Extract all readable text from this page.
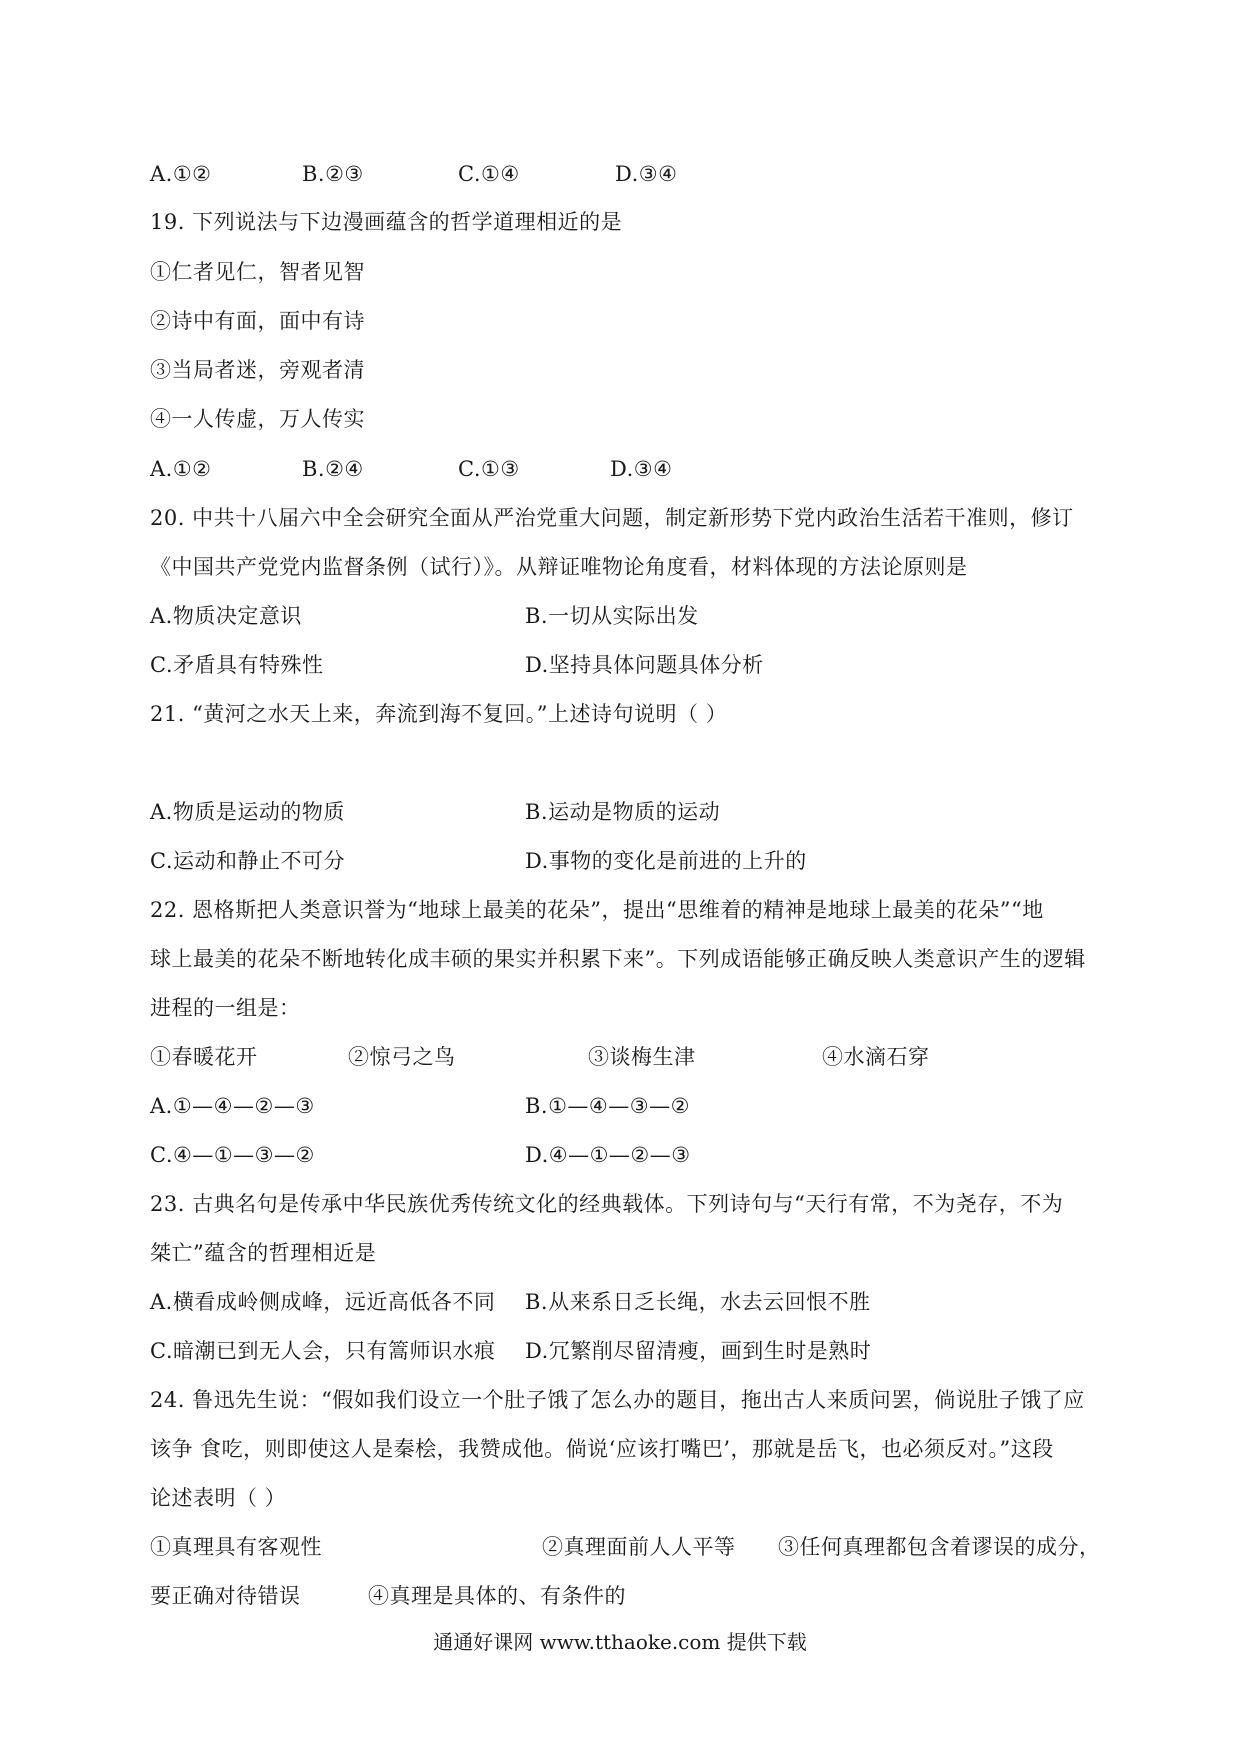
A.①②	B.②③	C.①④	D.③④
19. 下列说法与下边漫画蕴含的哲学道理相近的是
①仁者见仁，智者见智
②诗中有面，面中有诗
③当局者迷，旁观者清
④一人传虚，万人传实
A.①②	B.②④	C.①③	D.③④
20. 中共十八届六中全会研究全面从严治党重大问题，制定新形势下党内政治生活若干准则，修订
《中国共产党党内监督条例（试行）》。从辩证唯物论角度看，材料体现的方法论原则是
A.物质决定意识	B.一切从实际出发
C.矛盾具有特殊性	D.坚持具体问题具体分析
21. “黄河之水天上来，奔流到海不复回。”上述诗句说明（ ）
A.物质是运动的物质	B.运动是物质的运动
C.运动和静止不可分	D.事物的变化是前进的上升的
22. 恩格斯把人类意识誉为“地球上最美的花朵”，提出“思维着的精神是地球上最美的花朵”“地
球上最美的花朵不断地转化成丰硕的果实并积累下来”。下列成语能够正确反映人类意识产生的逻辑
进程的一组是：
①春暖花开	②惊弓之鸟	③谈梅生津	④水滴石穿
A.①—④—②—③	B.①—④—③—②
C.④—①—③—②	D.④—①—②—③
23. 古典名句是传承中华民族优秀传统文化的经典载体。下列诗句与“天行有常，不为尧存，不为
桀亡”蕴含的哲理相近是
A.横看成岭侧成峰，远近高低各不同 B.从来系日乏长绳，水去云回恨不胜
C.暗潮已到无人会，只有篙师识水痕 D.冗繁削尽留清瘦，画到生时是熟时
24. 鲁迅先生说：“假如我们设立一个肚子饿了怎么办的题目，拖出古人来质问罢，倘说肚子饿了应
该争 食吃，则即使这人是秦桧，我赞成他。倘说‘应该打嘴巴’，那就是岳飞，也必须反对。”这段
论述表明（ ）
①真理具有客观性	②真理面前人人平等 ③任何真理都包含着谬误的成分，
要正确对待错误	④真理是具体的、有条件的
通通好课网 www.tthaoke.com 提供下载
